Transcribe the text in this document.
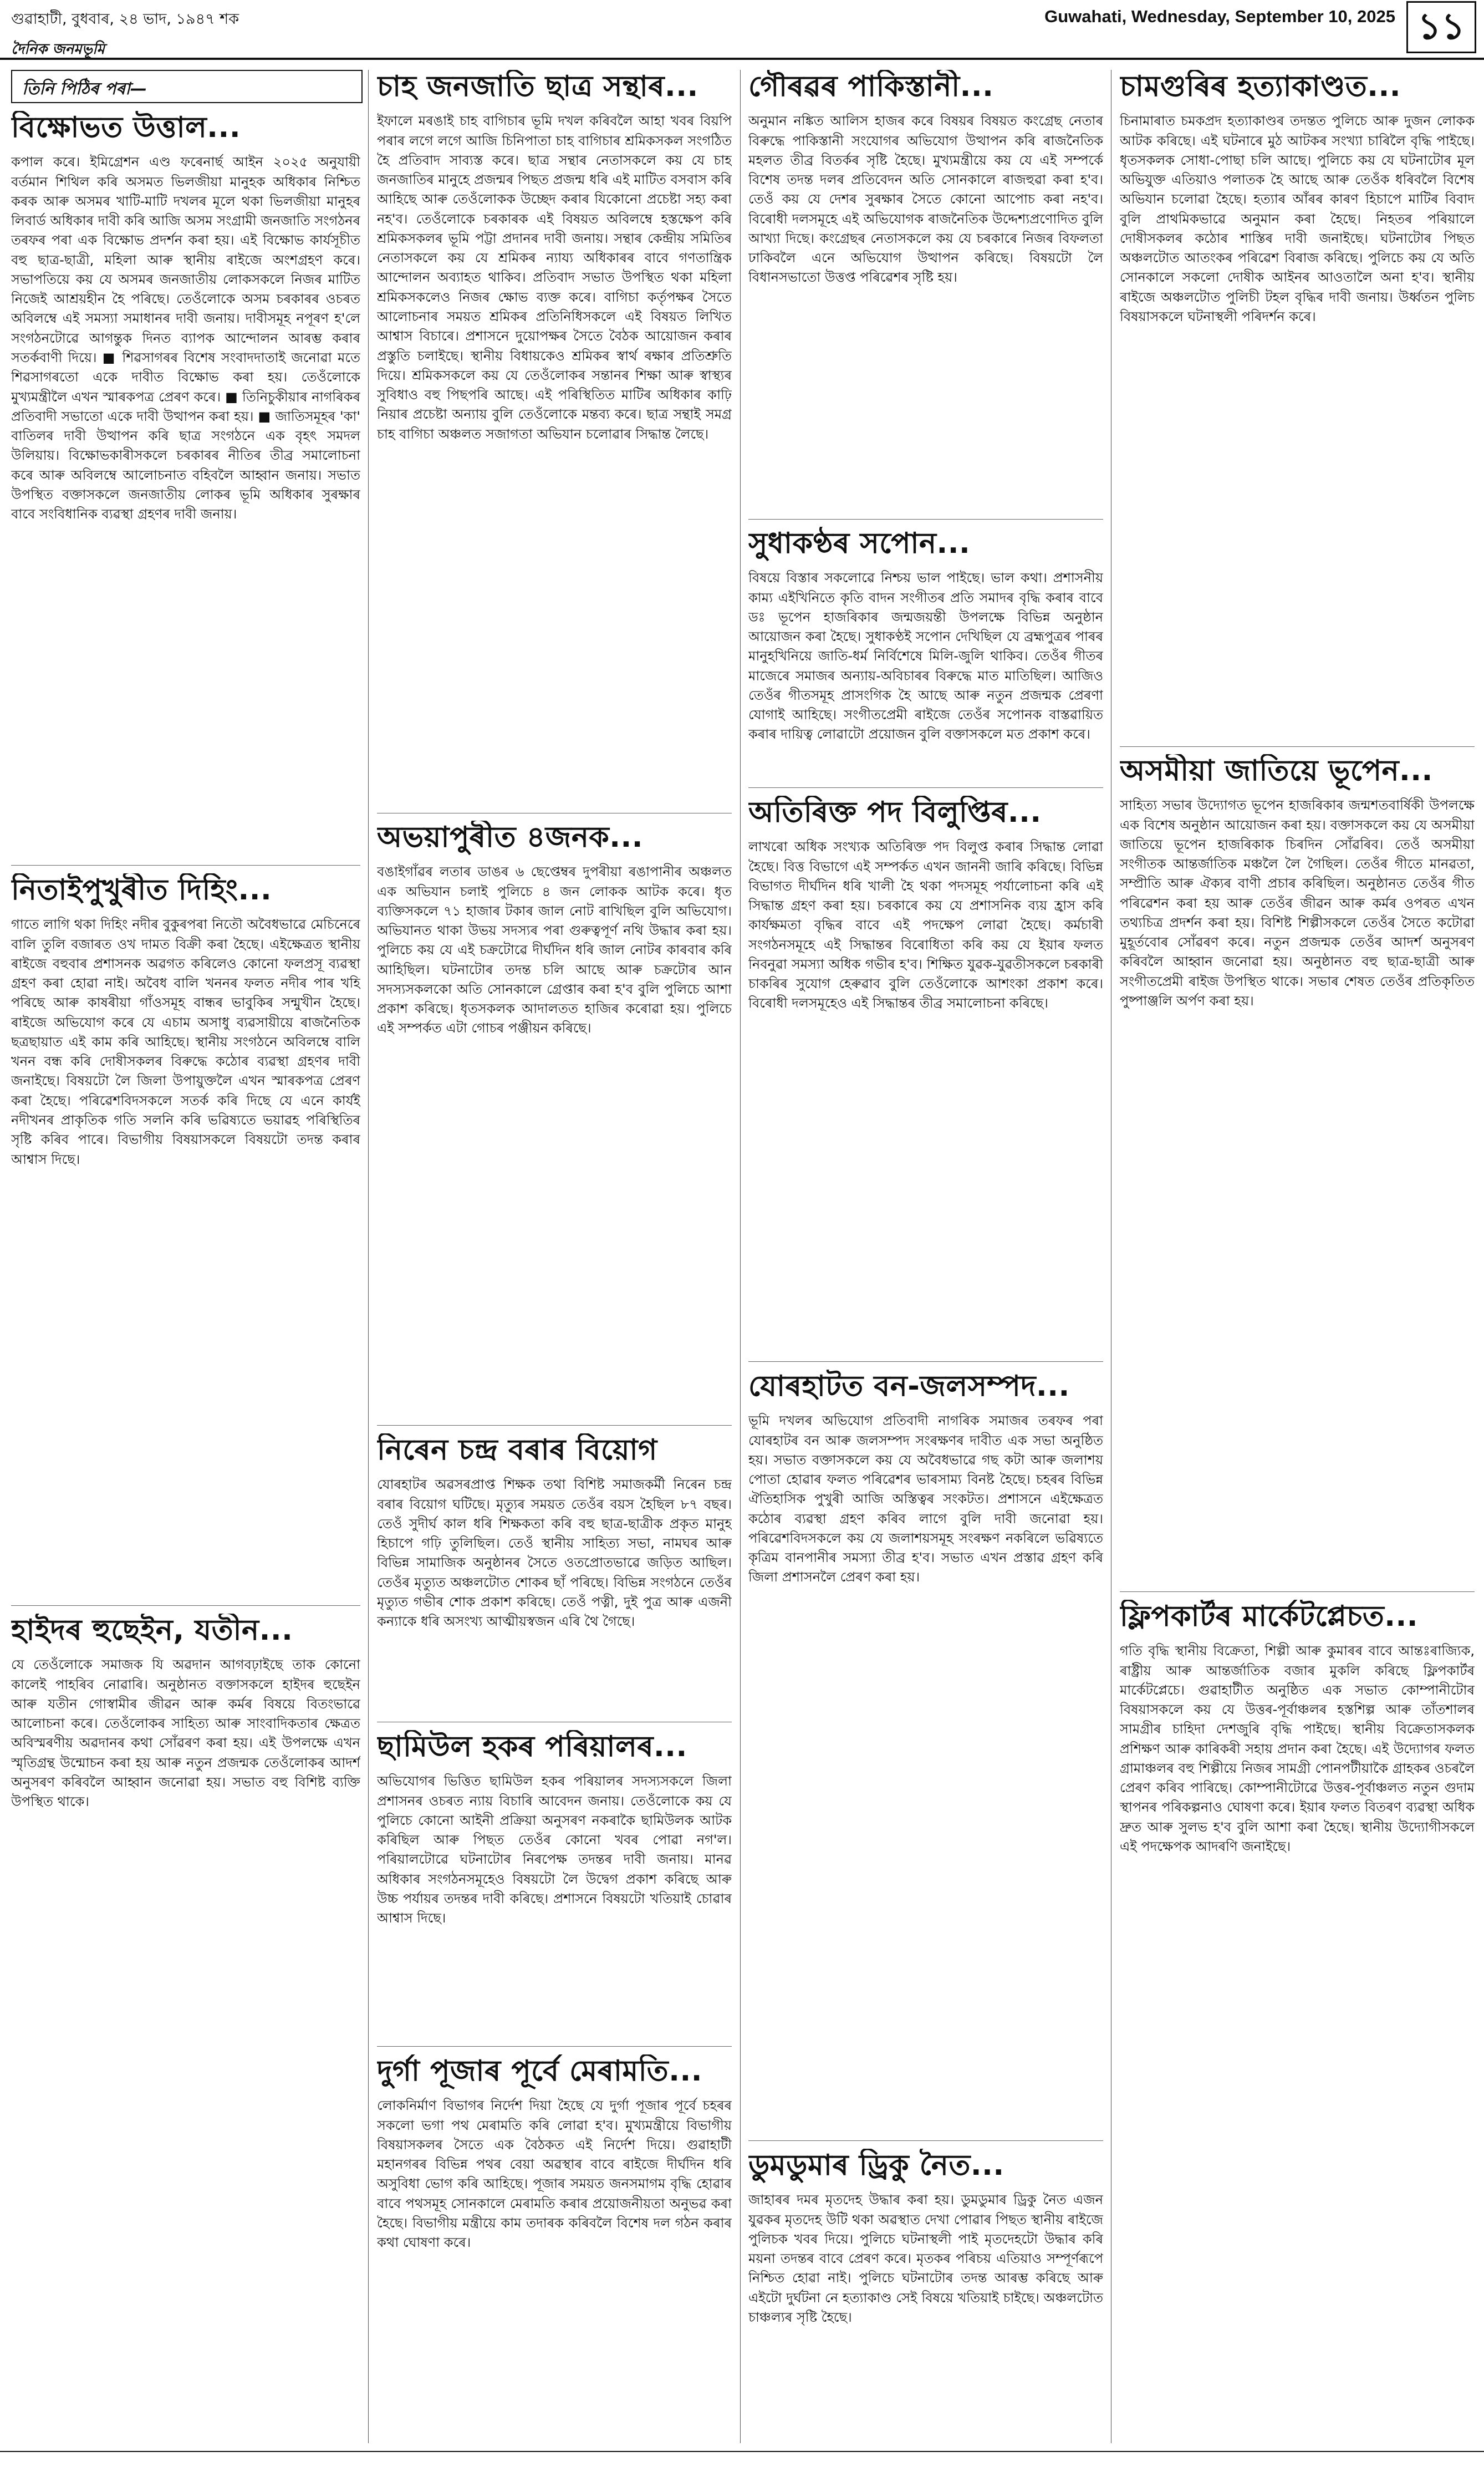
গুৱাহাটী, বুধবাৰ, ২৪ ভাদ, ১৯৪৭ শক	Guwahati, Wednesday, September 10, 2025 ১১
দৈনিক জনমভূমি
তিনি পিঠিৰ পৰা—
বিক্ষোভত উত্তাল...
কপাল কৰে। ইমিগ্ৰেশন এণ্ড ফৰেনাৰ্ছ আইন ২০২৫ অনুযায়ী বৰ্তমান শিথিল কৰি অসমত ভিলজীয়া মানুহক অধিকাৰ নিশ্চিত কৰক আৰু অসমৰ খাটি-মাটি দখলৰ মূলে থকা ভিলজীয়া মানুহৰ লিবাৰ্ড অধিকাৰ দাবী কৰি আজি অসম সংগ্ৰামী জনজাতি সংগঠনৰ তৰফৰ পৰা এক বিক্ষোভ প্ৰদৰ্শন কৰা হয়। এই বিক্ষোভ কাৰ্যসূচীত বহু ছাত্ৰ-ছাত্ৰী, মহিলা আৰু স্থানীয় ৰাইজে অংশগ্ৰহণ কৰে। সভাপতিয়ে কয় যে অসমৰ জনজাতীয় লোকসকলে নিজৰ মাটিত নিজেই আশ্ৰয়হীন হৈ পৰিছে। তেওঁলোকে অসম চৰকাৰৰ ওচৰত অবিলম্বে এই সমস্যা সমাধানৰ দাবী জনায়। দাবীসমূহ নপূৰণ হ'লে সংগঠনটোৱে আগন্তুক দিনত ব্যাপক আন্দোলন আৰম্ভ কৰাৰ সতৰ্কবাণী দিয়ে। ■ শিৱসাগৰৰ বিশেষ সংবাদদাতাই জনোৱা মতে শিৱসাগৰতো একে দাবীত বিক্ষোভ কৰা হয়। তেওঁলোকে মুখ্যমন্ত্ৰীলৈ এখন স্মাৰকপত্ৰ প্ৰেৰণ কৰে। ■ তিনিচুকীয়াৰ নাগৰিকৰ প্ৰতিবাদী সভাতো একে দাবী উত্থাপন কৰা হয়। ■ জাতিসমূহৰ 'কা' বাতিলৰ দাবী উত্থাপন কৰি ছাত্ৰ সংগঠনে এক বৃহৎ সমদল উলিয়ায়। বিক্ষোভকাৰীসকলে চৰকাৰৰ নীতিৰ তীব্ৰ সমালোচনা কৰে আৰু অবিলম্বে আলোচনাত বহিবলৈ আহ্বান জনায়। সভাত উপস্থিত বক্তাসকলে জনজাতীয় লোকৰ ভূমি অধিকাৰ সুৰক্ষাৰ বাবে সংবিধানিক ব্যৱস্থা গ্ৰহণৰ দাবী জনায়।
নিতাইপুখুৰীত দিহিং...
গাতে লাগি থকা দিহিং নদীৰ বুকুৰপৰা নিতৌ অবৈধভাৱে মেচিনেৰে বালি তুলি বজাৰত ওখ দামত বিক্ৰী কৰা হৈছে। এইক্ষেত্ৰত স্থানীয় ৰাইজে বহুবাৰ প্ৰশাসনক অৱগত কৰিলেও কোনো ফলপ্ৰসূ ব্যৱস্থা গ্ৰহণ কৰা হোৱা নাই। অবৈধ বালি খননৰ ফলত নদীৰ পাৰ খহি পৰিছে আৰু কাষৰীয়া গাঁওসমূহ বান্ধৰ ভাবুকিৰ সন্মুখীন হৈছে। ৰাইজে অভিযোগ কৰে যে এচাম অসাধু ব্যৱসায়ীয়ে ৰাজনৈতিক ছত্ৰছায়াত এই কাম কৰি আহিছে। স্থানীয় সংগঠনে অবিলম্বে বালি খনন বন্ধ কৰি দোষীসকলৰ বিৰুদ্ধে কঠোৰ ব্যৱস্থা গ্ৰহণৰ দাবী জনাইছে। বিষয়টো লৈ জিলা উপায়ুক্তলৈ এখন স্মাৰকপত্ৰ প্ৰেৰণ কৰা হৈছে। পৰিৱেশবিদসকলে সতৰ্ক কৰি দিছে যে এনে কাৰ্যই নদীখনৰ প্ৰাকৃতিক গতি সলনি কৰি ভৱিষ্যতে ভয়াৱহ পৰিস্থিতিৰ সৃষ্টি কৰিব পাৰে। বিভাগীয় বিষয়াসকলে বিষয়টো তদন্ত কৰাৰ আশ্বাস দিছে।
হাইদৰ হুছেইন, যতীন...
যে তেওঁলোকে সমাজক যি অৱদান আগবঢ়াইছে তাক কোনো কালেই পাহৰিব নোৱাৰি। অনুষ্ঠানত বক্তাসকলে হাইদৰ হুছেইন আৰু যতীন গোস্বামীৰ জীৱন আৰু কৰ্মৰ বিষয়ে বিতংভাৱে আলোচনা কৰে। তেওঁলোকৰ সাহিত্য আৰু সাংবাদিকতাৰ ক্ষেত্ৰত অবিস্মৰণীয় অৱদানৰ কথা সোঁৱৰণ কৰা হয়। এই উপলক্ষে এখন স্মৃতিগ্ৰন্থ উন্মোচন কৰা হয় আৰু নতুন প্ৰজন্মক তেওঁলোকৰ আদৰ্শ অনুসৰণ কৰিবলৈ আহ্বান জনোৱা হয়। সভাত বহু বিশিষ্ট ব্যক্তি উপস্থিত থাকে।
চাহ জনজাতি ছাত্ৰ সন্থাৰ...
ইফালে মৰঙাই চাহ বাগিচাৰ ভূমি দখল কৰিবলৈ আহা খবৰ বিয়পি পৰাৰ লগে লগে আজি চিনিপাতা চাহ বাগিচাৰ শ্ৰমিকসকল সংগঠিত হৈ প্ৰতিবাদ সাব্যস্ত কৰে। ছাত্ৰ সন্থাৰ নেতাসকলে কয় যে চাহ জনজাতিৰ মানুহে প্ৰজন্মৰ পিছত প্ৰজন্ম ধৰি এই মাটিত বসবাস কৰি আহিছে আৰু তেওঁলোকক উচ্ছেদ কৰাৰ যিকোনো প্ৰচেষ্টা সহ্য কৰা নহ'ব। তেওঁলোকে চৰকাৰক এই বিষয়ত অবিলম্বে হস্তক্ষেপ কৰি শ্ৰমিকসকলৰ ভূমি পট্টা প্ৰদানৰ দাবী জনায়। সন্থাৰ কেন্দ্ৰীয় সমিতিৰ নেতাসকলে কয় যে শ্ৰমিকৰ ন্যায্য অধিকাৰৰ বাবে গণতান্ত্ৰিক আন্দোলন অব্যাহত থাকিব। প্ৰতিবাদ সভাত উপস্থিত থকা মহিলা শ্ৰমিকসকলেও নিজৰ ক্ষোভ ব্যক্ত কৰে। বাগিচা কৰ্তৃপক্ষৰ সৈতে আলোচনাৰ সময়ত শ্ৰমিকৰ প্ৰতিনিধিসকলে এই বিষয়ত লিখিত আশ্বাস বিচাৰে। প্ৰশাসনে দুয়োপক্ষৰ সৈতে বৈঠক আয়োজন কৰাৰ প্ৰস্তুতি চলাইছে। স্থানীয় বিধায়কেও শ্ৰমিকৰ স্বাৰ্থ ৰক্ষাৰ প্ৰতিশ্ৰুতি দিয়ে। শ্ৰমিকসকলে কয় যে তেওঁলোকৰ সন্তানৰ শিক্ষা আৰু স্বাস্থ্যৰ সুবিধাও বহু পিছপৰি আছে। এই পৰিস্থিতিত মাটিৰ অধিকাৰ কাঢ়ি নিয়াৰ প্ৰচেষ্টা অন্যায় বুলি তেওঁলোকে মন্তব্য কৰে। ছাত্ৰ সন্থাই সমগ্ৰ চাহ বাগিচা অঞ্চলত সজাগতা অভিযান চলোৱাৰ সিদ্ধান্ত লৈছে।
অভয়াপুৰীত ৪জনক...
বঙাইগাঁৱৰ লতাৰ ডাঙৰ ৬ ছেপ্তেম্বৰ দুপৰীয়া ৰঙাপানীৰ অঞ্চলত এক অভিযান চলাই পুলিচে ৪ জন লোকক আটক কৰে। ধৃত ব্যক্তিসকলে ৭১ হাজাৰ টকাৰ জাল নোট ৰাখিছিল বুলি অভিযোগ। অভিযানত থাকা উভয় সদস্যৰ পৰা গুৰুত্বপূৰ্ণ নথি উদ্ধাৰ কৰা হয়। পুলিচে কয় যে এই চক্ৰটোৱে দীৰ্ঘদিন ধৰি জাল নোটৰ কাৰবাৰ কৰি আহিছিল। ঘটনাটোৰ তদন্ত চলি আছে আৰু চক্ৰটোৰ আন সদস্যসকলকো অতি সোনকালে গ্ৰেপ্তাৰ কৰা হ'ব বুলি পুলিচে আশা প্ৰকাশ কৰিছে। ধৃতসকলক আদালতত হাজিৰ কৰোৱা হয়। পুলিচে এই সম্পৰ্কত এটা গোচৰ পঞ্জীয়ন কৰিছে।
নিৰেন চন্দ্ৰ বৰাৰ বিয়োগ
যোৰহাটৰ অৱসৰপ্ৰাপ্ত শিক্ষক তথা বিশিষ্ট সমাজকৰ্মী নিৰেন চন্দ্ৰ বৰাৰ বিয়োগ ঘটিছে। মৃত্যুৰ সময়ত তেওঁৰ বয়স হৈছিল ৮৭ বছৰ। তেওঁ সুদীৰ্ঘ কাল ধৰি শিক্ষকতা কৰি বহু ছাত্ৰ-ছাত্ৰীক প্ৰকৃত মানুহ হিচাপে গঢ়ি তুলিছিল। তেওঁ স্থানীয় সাহিত্য সভা, নামঘৰ আৰু বিভিন্ন সামাজিক অনুষ্ঠানৰ সৈতে ওতপ্ৰোতভাৱে জড়িত আছিল। তেওঁৰ মৃত্যুত অঞ্চলটোত শোকৰ ছাঁ পৰিছে। বিভিন্ন সংগঠনে তেওঁৰ মৃত্যুত গভীৰ শোক প্ৰকাশ কৰিছে। তেওঁ পত্নী, দুই পুত্ৰ আৰু এজনী কন্যাকে ধৰি অসংখ্য আত্মীয়স্বজন এৰি থৈ গৈছে।
ছামিউল হকৰ পৰিয়ালৰ...
অভিযোগৰ ভিত্তিত ছামিউল হকৰ পৰিয়ালৰ সদস্যসকলে জিলা প্ৰশাসনৰ ওচৰত ন্যায় বিচাৰি আবেদন জনায়। তেওঁলোকে কয় যে পুলিচে কোনো আইনী প্ৰক্ৰিয়া অনুসৰণ নকৰাকৈ ছামিউলক আটক কৰিছিল আৰু পিছত তেওঁৰ কোনো খবৰ পোৱা নগ'ল। পৰিয়ালটোৱে ঘটনাটোৰ নিৰপেক্ষ তদন্তৰ দাবী জনায়। মানৱ অধিকাৰ সংগঠনসমূহেও বিষয়টো লৈ উদ্বেগ প্ৰকাশ কৰিছে আৰু উচ্চ পৰ্যায়ৰ তদন্তৰ দাবী কৰিছে। প্ৰশাসনে বিষয়টো খতিয়াই চোৱাৰ আশ্বাস দিছে।
দুৰ্গা পূজাৰ পূৰ্বে মেৰামতি...
লোকনিৰ্মাণ বিভাগৰ নিৰ্দেশ দিয়া হৈছে যে দুৰ্গা পূজাৰ পূৰ্বে চহৰৰ সকলো ভগা পথ মেৰামতি কৰি লোৱা হ'ব। মুখ্যমন্ত্ৰীয়ে বিভাগীয় বিষয়াসকলৰ সৈতে এক বৈঠকত এই নিৰ্দেশ দিয়ে। গুৱাহাটী মহানগৰৰ বিভিন্ন পথৰ বেয়া অৱস্থাৰ বাবে ৰাইজে দীৰ্ঘদিন ধৰি অসুবিধা ভোগ কৰি আহিছে। পূজাৰ সময়ত জনসমাগম বৃদ্ধি হোৱাৰ বাবে পথসমূহ সোনকালে মেৰামতি কৰাৰ প্ৰয়োজনীয়তা অনুভৱ কৰা হৈছে। বিভাগীয় মন্ত্ৰীয়ে কাম তদাৰক কৰিবলৈ বিশেষ দল গঠন কৰাৰ কথা ঘোষণা কৰে।
গৌৰৱৰ পাকিস্তানী...
অনুমান নঙ্কিত আলিস হাজৰ কৰে বিষয়ৰ বিষয়ত কংগ্ৰেছ নেতাৰ বিৰুদ্ধে পাকিস্তানী সংযোগৰ অভিযোগ উত্থাপন কৰি ৰাজনৈতিক মহলত তীব্ৰ বিতৰ্কৰ সৃষ্টি হৈছে। মুখ্যমন্ত্ৰীয়ে কয় যে এই সম্পৰ্কে বিশেষ তদন্ত দলৰ প্ৰতিবেদন অতি সোনকালে ৰাজহুৱা কৰা হ'ব। তেওঁ কয় যে দেশৰ সুৰক্ষাৰ সৈতে কোনো আপোচ কৰা নহ'ব। বিৰোধী দলসমূহে এই অভিযোগক ৰাজনৈতিক উদ্দেশ্যপ্ৰণোদিত বুলি আখ্যা দিছে। কংগ্ৰেছৰ নেতাসকলে কয় যে চৰকাৰে নিজৰ বিফলতা ঢাকিবলৈ এনে অভিযোগ উত্থাপন কৰিছে। বিষয়টো লৈ বিধানসভাতো উত্তপ্ত পৰিৱেশৰ সৃষ্টি হয়।
সুধাকণ্ঠৰ সপোন...
বিষয়ে বিস্তাৰ সকলোৱে নিশ্চয় ভাল পাইছে। ভাল কথা। প্ৰশাসনীয় কাম্য এইখিনিতে কৃতি বাদন সংগীতৰ প্ৰতি সমাদৰ বৃদ্ধি কৰাৰ বাবে ডঃ ভূপেন হাজৰিকাৰ জন্মজয়ন্তী উপলক্ষে বিভিন্ন অনুষ্ঠান আয়োজন কৰা হৈছে। সুধাকণ্ঠই সপোন দেখিছিল যে ব্ৰহ্মপুত্ৰৰ পাৰৰ মানুহখিনিয়ে জাতি-ধৰ্ম নিৰ্বিশেষে মিলি-জুলি থাকিব। তেওঁৰ গীতৰ মাজেৰে সমাজৰ অন্যায়-অবিচাৰৰ বিৰুদ্ধে মাত মাতিছিল। আজিও তেওঁৰ গীতসমূহ প্ৰাসংগিক হৈ আছে আৰু নতুন প্ৰজন্মক প্ৰেৰণা যোগাই আহিছে। সংগীতপ্ৰেমী ৰাইজে তেওঁৰ সপোনক বাস্তৱায়িত কৰাৰ দায়িত্ব লোৱাটো প্ৰয়োজন বুলি বক্তাসকলে মত প্ৰকাশ কৰে।
অতিৰিক্ত পদ বিলুপ্তিৰ...
লাখৰো অধিক সংখ্যক অতিৰিক্ত পদ বিলুপ্ত কৰাৰ সিদ্ধান্ত লোৱা হৈছে। বিত্ত বিভাগে এই সম্পৰ্কত এখন জাননী জাৰি কৰিছে। বিভিন্ন বিভাগত দীৰ্ঘদিন ধৰি খালী হৈ থকা পদসমূহ পৰ্যালোচনা কৰি এই সিদ্ধান্ত গ্ৰহণ কৰা হয়। চৰকাৰে কয় যে প্ৰশাসনিক ব্যয় হ্ৰাস কৰি কাৰ্যক্ষমতা বৃদ্ধিৰ বাবে এই পদক্ষেপ লোৱা হৈছে। কৰ্মচাৰী সংগঠনসমূহে এই সিদ্ধান্তৰ বিৰোধিতা কৰি কয় যে ইয়াৰ ফলত নিবনুৱা সমস্যা অধিক গভীৰ হ'ব। শিক্ষিত যুৱক-যুৱতীসকলে চৰকাৰী চাকৰিৰ সুযোগ হেৰুৱাব বুলি তেওঁলোকে আশংকা প্ৰকাশ কৰে। বিৰোধী দলসমূহেও এই সিদ্ধান্তৰ তীব্ৰ সমালোচনা কৰিছে।
যোৰহাটত বন-জলসম্পদ...
ভূমি দখলৰ অভিযোগ প্ৰতিবাদী নাগৰিক সমাজৰ তৰফৰ পৰা যোৰহাটৰ বন আৰু জলসম্পদ সংৰক্ষণৰ দাবীত এক সভা অনুষ্ঠিত হয়। সভাত বক্তাসকলে কয় যে অবৈধভাৱে গছ কটা আৰু জলাশয় পোতা হোৱাৰ ফলত পৰিৱেশৰ ভাৰসাম্য বিনষ্ট হৈছে। চহৰৰ বিভিন্ন ঐতিহাসিক পুখুৰী আজি অস্তিত্বৰ সংকটত। প্ৰশাসনে এইক্ষেত্ৰত কঠোৰ ব্যৱস্থা গ্ৰহণ কৰিব লাগে বুলি দাবী জনোৱা হয়। পৰিৱেশবিদসকলে কয় যে জলাশয়সমূহ সংৰক্ষণ নকৰিলে ভৱিষ্যতে কৃত্ৰিম বানপানীৰ সমস্যা তীব্ৰ হ'ব। সভাত এখন প্ৰস্তাৱ গ্ৰহণ কৰি জিলা প্ৰশাসনলৈ প্ৰেৰণ কৰা হয়।
ডুমডুমাৰ ড্ৰিকু নৈত...
জাহাৰৰ দমৰ মৃতদেহ উদ্ধাৰ কৰা হয়। ডুমডুমাৰ ড্ৰিকু নৈত এজন যুৱকৰ মৃতদেহ উটি থকা অৱস্থাত দেখা পোৱাৰ পিছত স্থানীয় ৰাইজে পুলিচক খবৰ দিয়ে। পুলিচে ঘটনাস্থলী পাই মৃতদেহটো উদ্ধাৰ কৰি ময়না তদন্তৰ বাবে প্ৰেৰণ কৰে। মৃতকৰ পৰিচয় এতিয়াও সম্পূৰ্ণৰূপে নিশ্চিত হোৱা নাই। পুলিচে ঘটনাটোৰ তদন্ত আৰম্ভ কৰিছে আৰু এইটো দুৰ্ঘটনা নে হত্যাকাণ্ড সেই বিষয়ে খতিয়াই চাইছে। অঞ্চলটোত চাঞ্চল্যৰ সৃষ্টি হৈছে।
চামগুৰিৰ হত্যাকাণ্ডত...
চিনামাৰাত চমকপ্ৰদ হত্যাকাণ্ডৰ তদন্তত পুলিচে আৰু দুজন লোকক আটক কৰিছে। এই ঘটনাৰে মুঠ আটকৰ সংখ্যা চাৰিলৈ বৃদ্ধি পাইছে। ধৃতসকলক সোধা-পোছা চলি আছে। পুলিচে কয় যে ঘটনাটোৰ মূল অভিযুক্ত এতিয়াও পলাতক হৈ আছে আৰু তেওঁক ধৰিবলৈ বিশেষ অভিযান চলোৱা হৈছে। হত্যাৰ আঁৰৰ কাৰণ হিচাপে মাটিৰ বিবাদ বুলি প্ৰাথমিকভাৱে অনুমান কৰা হৈছে। নিহতৰ পৰিয়ালে দোষীসকলৰ কঠোৰ শাস্তিৰ দাবী জনাইছে। ঘটনাটোৰ পিছত অঞ্চলটোত আতংকৰ পৰিৱেশ বিৰাজ কৰিছে। পুলিচে কয় যে অতি সোনকালে সকলো দোষীক আইনৰ আওতালৈ অনা হ'ব। স্থানীয় ৰাইজে অঞ্চলটোত পুলিচী টহল বৃদ্ধিৰ দাবী জনায়। উৰ্ধ্বতন পুলিচ বিষয়াসকলে ঘটনাস্থলী পৰিদৰ্শন কৰে।
অসমীয়া জাতিয়ে ভূপেন...
সাহিত্য সভাৰ উদ্যোগত ভূপেন হাজৰিকাৰ জন্মশতবাৰ্ষিকী উপলক্ষে এক বিশেষ অনুষ্ঠান আয়োজন কৰা হয়। বক্তাসকলে কয় যে অসমীয়া জাতিয়ে ভূপেন হাজৰিকাক চিৰদিন সোঁৱৰিব। তেওঁ অসমীয়া সংগীতক আন্তৰ্জাতিক মঞ্চলৈ লৈ গৈছিল। তেওঁৰ গীতে মানৱতা, সম্প্ৰীতি আৰু ঐক্যৰ বাণী প্ৰচাৰ কৰিছিল। অনুষ্ঠানত তেওঁৰ গীত পৰিৱেশন কৰা হয় আৰু তেওঁৰ জীৱন আৰু কৰ্মৰ ওপৰত এখন তথ্যচিত্ৰ প্ৰদৰ্শন কৰা হয়। বিশিষ্ট শিল্পীসকলে তেওঁৰ সৈতে কটোৱা মুহূৰ্তবোৰ সোঁৱৰণ কৰে। নতুন প্ৰজন্মক তেওঁৰ আদৰ্শ অনুসৰণ কৰিবলৈ আহ্বান জনোৱা হয়। অনুষ্ঠানত বহু ছাত্ৰ-ছাত্ৰী আৰু সংগীতপ্ৰেমী ৰাইজ উপস্থিত থাকে। সভাৰ শেষত তেওঁৰ প্ৰতিকৃতিত পুষ্পাঞ্জলি অৰ্পণ কৰা হয়।
ফ্লিপকাৰ্টৰ মাৰ্কেটপ্লেচত...
গতি বৃদ্ধি স্থানীয় বিক্ৰেতা, শিল্পী আৰু কুমাৰৰ বাবে আন্তঃৰাজ্যিক, ৰাষ্ট্ৰীয় আৰু আন্তৰ্জাতিক বজাৰ মুকলি কৰিছে ফ্লিপকাৰ্টৰ মাৰ্কেটপ্লেচে। গুৱাহাটীত অনুষ্ঠিত এক সভাত কোম্পানীটোৰ বিষয়াসকলে কয় যে উত্তৰ-পূৰ্বাঞ্চলৰ হস্তশিল্প আৰু তাঁতশালৰ সামগ্ৰীৰ চাহিদা দেশজুৰি বৃদ্ধি পাইছে। স্থানীয় বিক্ৰেতাসকলক প্ৰশিক্ষণ আৰু কাৰিকৰী সহায় প্ৰদান কৰা হৈছে। এই উদ্যোগৰ ফলত গ্ৰামাঞ্চলৰ বহু শিল্পীয়ে নিজৰ সামগ্ৰী পোনপটীয়াকৈ গ্ৰাহকৰ ওচৰলৈ প্ৰেৰণ কৰিব পাৰিছে। কোম্পানীটোৱে উত্তৰ-পূৰ্বাঞ্চলত নতুন গুদাম স্থাপনৰ পৰিকল্পনাও ঘোষণা কৰে। ইয়াৰ ফলত বিতৰণ ব্যৱস্থা অধিক দ্ৰুত আৰু সুলভ হ'ব বুলি আশা কৰা হৈছে। স্থানীয় উদ্যোগীসকলে এই পদক্ষেপক আদৰণি জনাইছে।
